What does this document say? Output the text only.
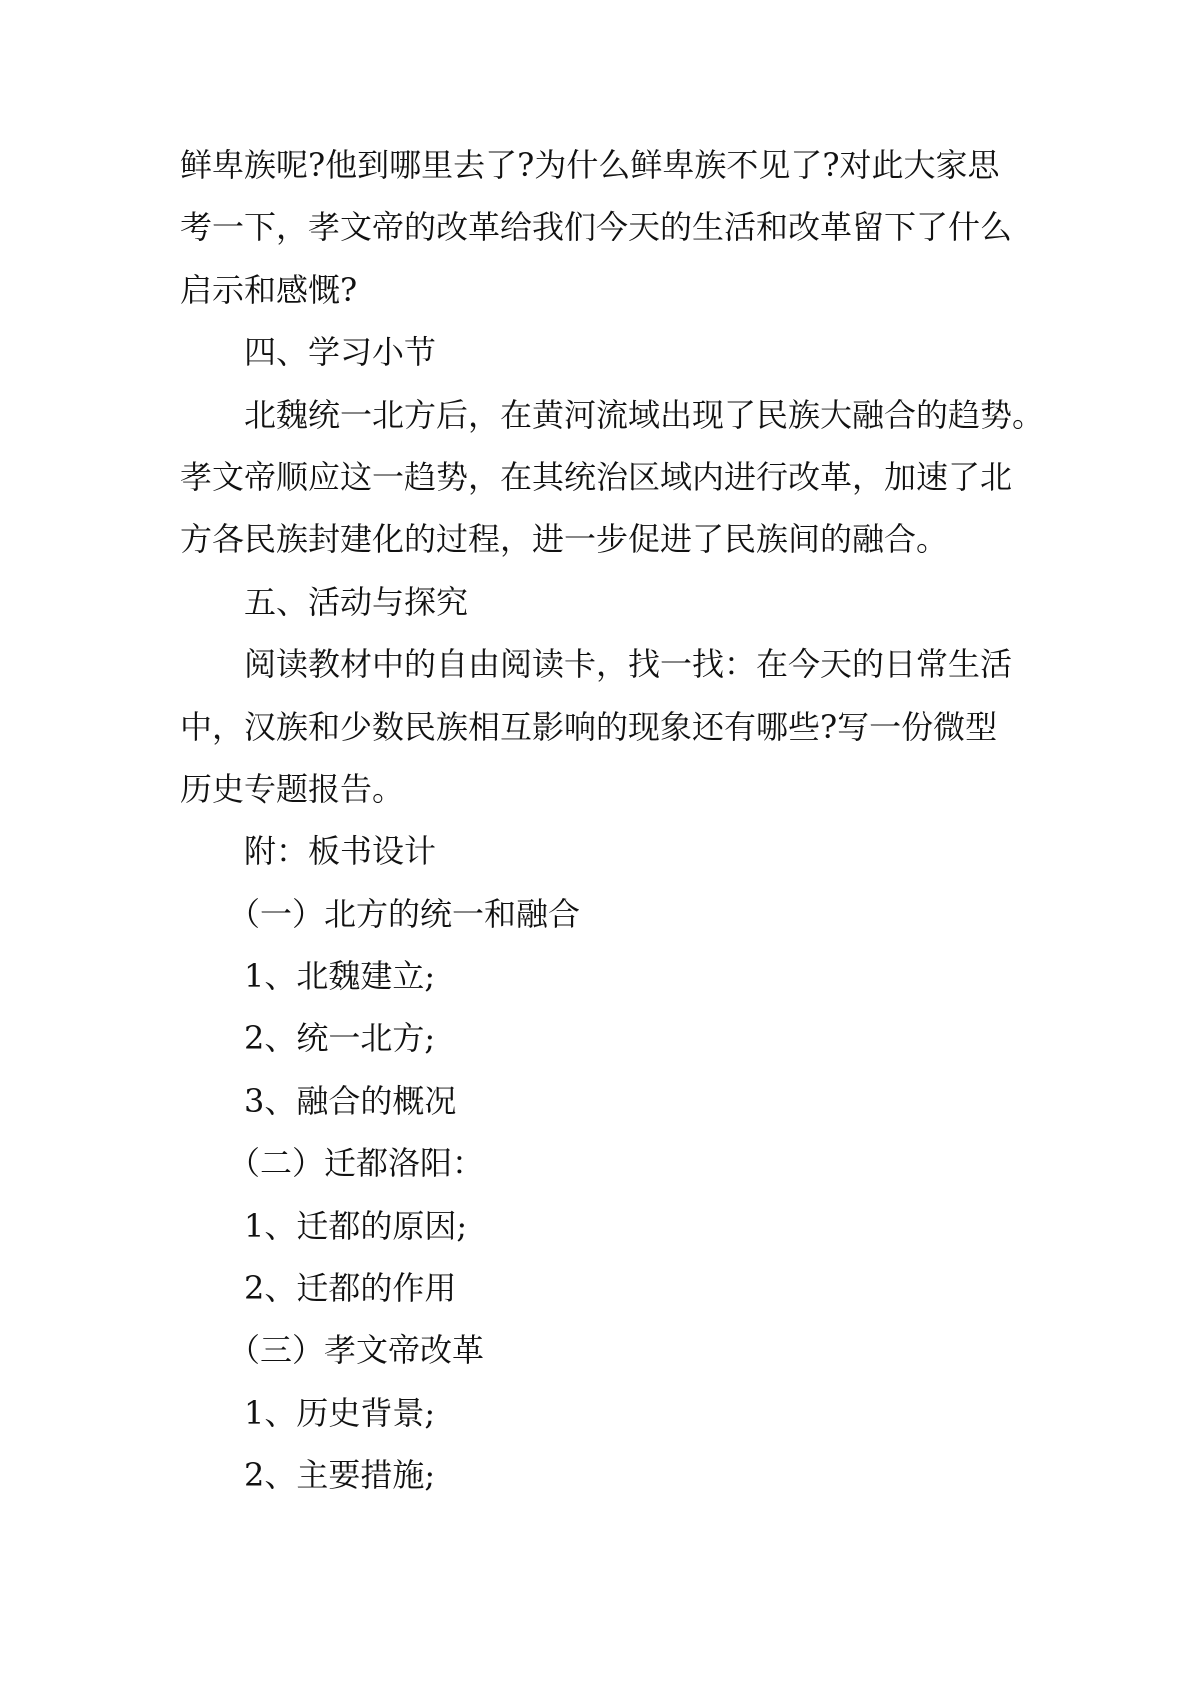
鲜卑族呢?他到哪里去了?为什么鲜卑族不见了?对此大家思

考一下，孝文帝的改革给我们今天的生活和改革留下了什么

启示和感慨?

四、学习小节

北魏统一北方后，在黄河流域出现了民族大融合的趋势。

孝文帝顺应这一趋势，在其统治区域内进行改革，加速了北

方各民族封建化的过程，进一步促进了民族间的融合。

五、活动与探究

阅读教材中的自由阅读卡，找一找：在今天的日常生活

中，汉族和少数民族相互影响的现象还有哪些?写一份微型

历史专题报告。

附：板书设计

（一）北方的统一和融合

1、北魏建立;

2、统一北方;

3、融合的概况

（二）迁都洛阳：

1、迁都的原因;

2、迁都的作用

（三）孝文帝改革

1、历史背景;

2、主要措施;
